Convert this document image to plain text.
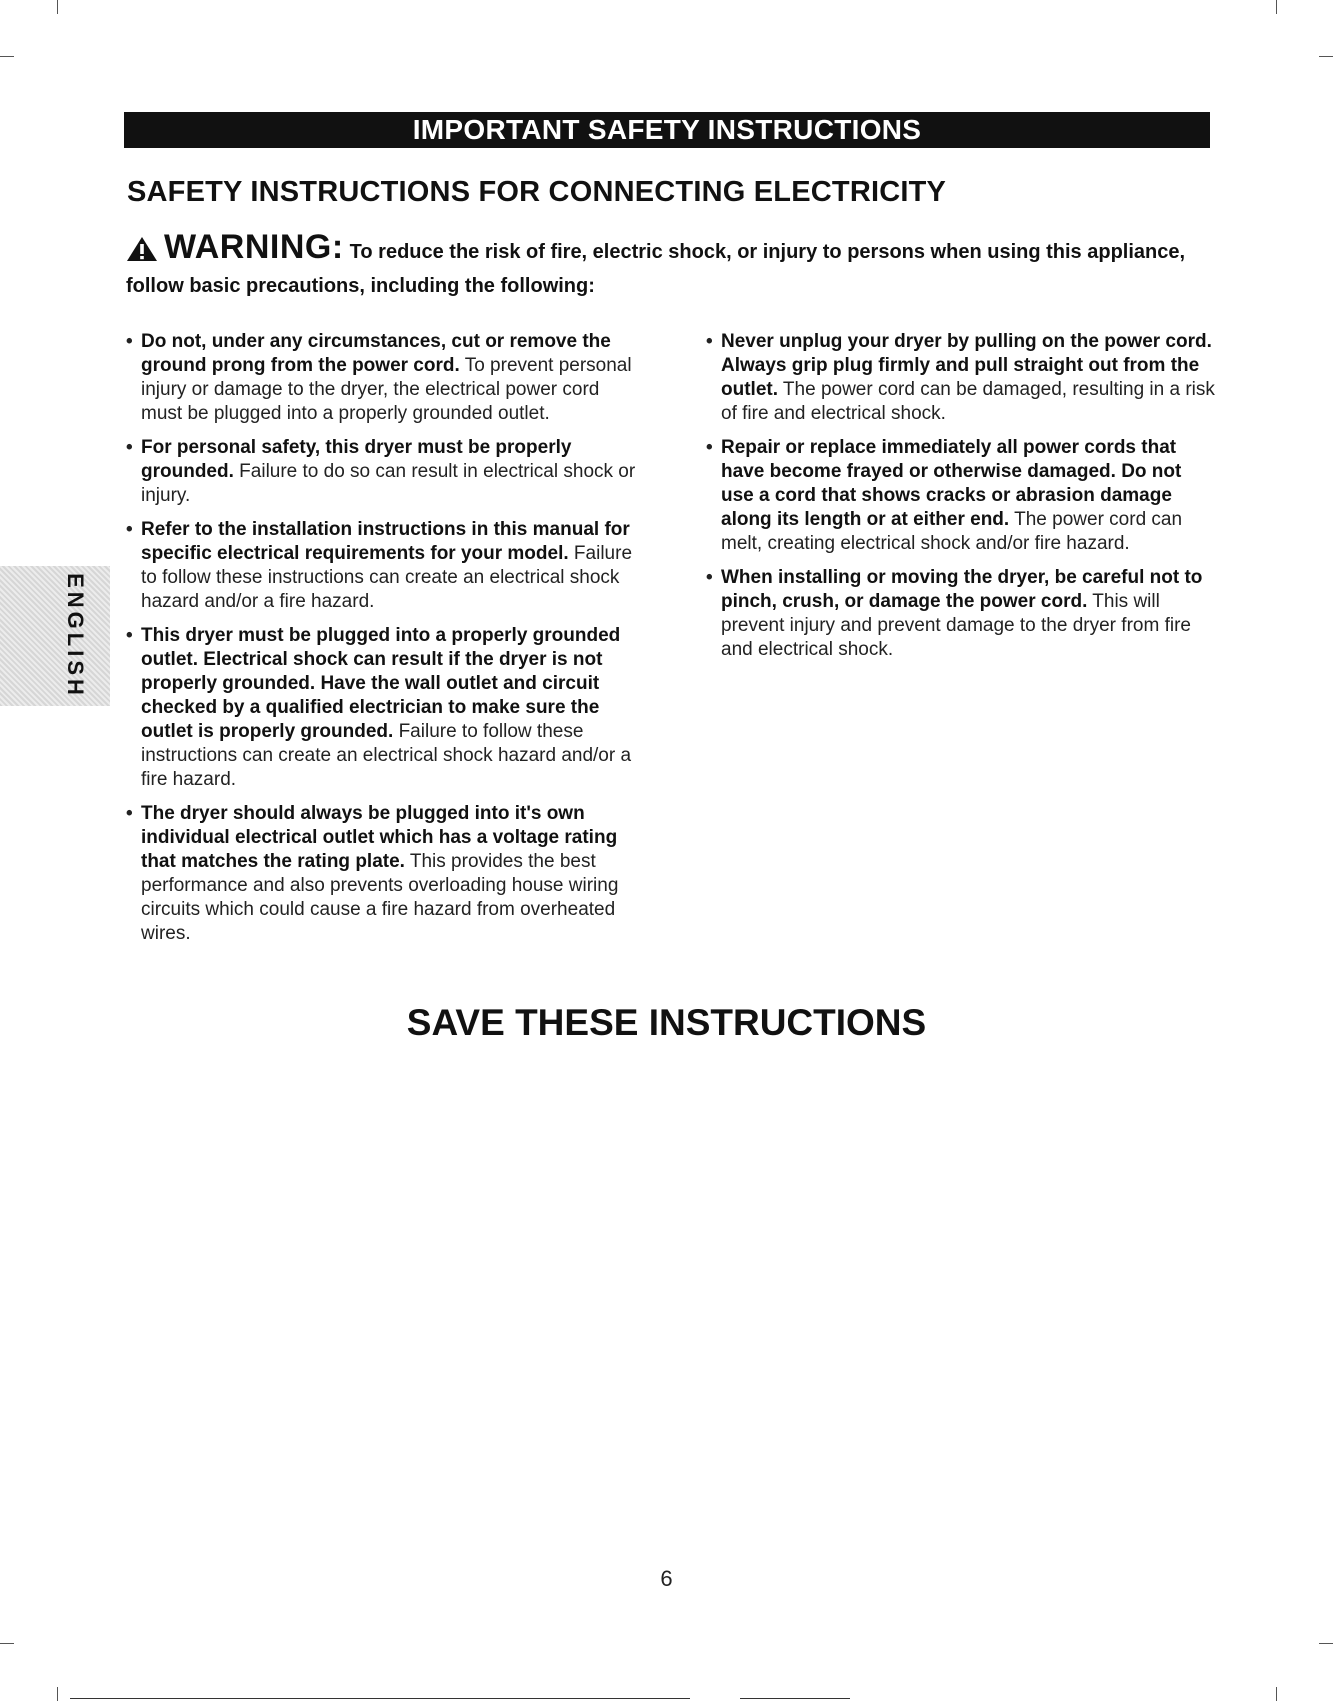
IMPORTANT SAFETY INSTRUCTIONS
SAFETY INSTRUCTIONS FOR CONNECTING ELECTRICITY
WARNING: To reduce the risk of fire, electric shock, or injury to persons when using this appliance, follow basic precautions, including the following:
ENGLISH
• Do not, under any circumstances, cut or remove the ground prong from the power cord. To prevent personal injury or damage to the dryer, the electrical power cord must be plugged into a properly grounded outlet.
• For personal safety, this dryer must be properly grounded. Failure to do so can result in electrical shock or injury.
• Refer to the installation instructions in this manual for specific electrical requirements for your model. Failure to follow these instructions can create an electrical shock hazard and/or a fire hazard.
• This dryer must be plugged into a properly grounded outlet. Electrical shock can result if the dryer is not properly grounded. Have the wall outlet and circuit checked by a qualified electrician to make sure the outlet is properly grounded. Failure to follow these instructions can create an electrical shock hazard and/or a fire hazard.
• The dryer should always be plugged into it's own individual electrical outlet which has a voltage rating that matches the rating plate. This provides the best performance and also prevents overloading house wiring circuits which could cause a fire hazard from overheated wires.
• Never unplug your dryer by pulling on the power cord. Always grip plug firmly and pull straight out from the outlet. The power cord can be damaged, resulting in a risk of fire and electrical shock.
• Repair or replace immediately all power cords that have become frayed or otherwise damaged. Do not use a cord that shows cracks or abrasion damage along its length or at either end. The power cord can melt, creating electrical shock and/or fire hazard.
• When installing or moving the dryer, be careful not to pinch, crush, or damage the power cord. This will prevent injury and prevent damage to the dryer from fire and electrical shock.
SAVE THESE INSTRUCTIONS
6
